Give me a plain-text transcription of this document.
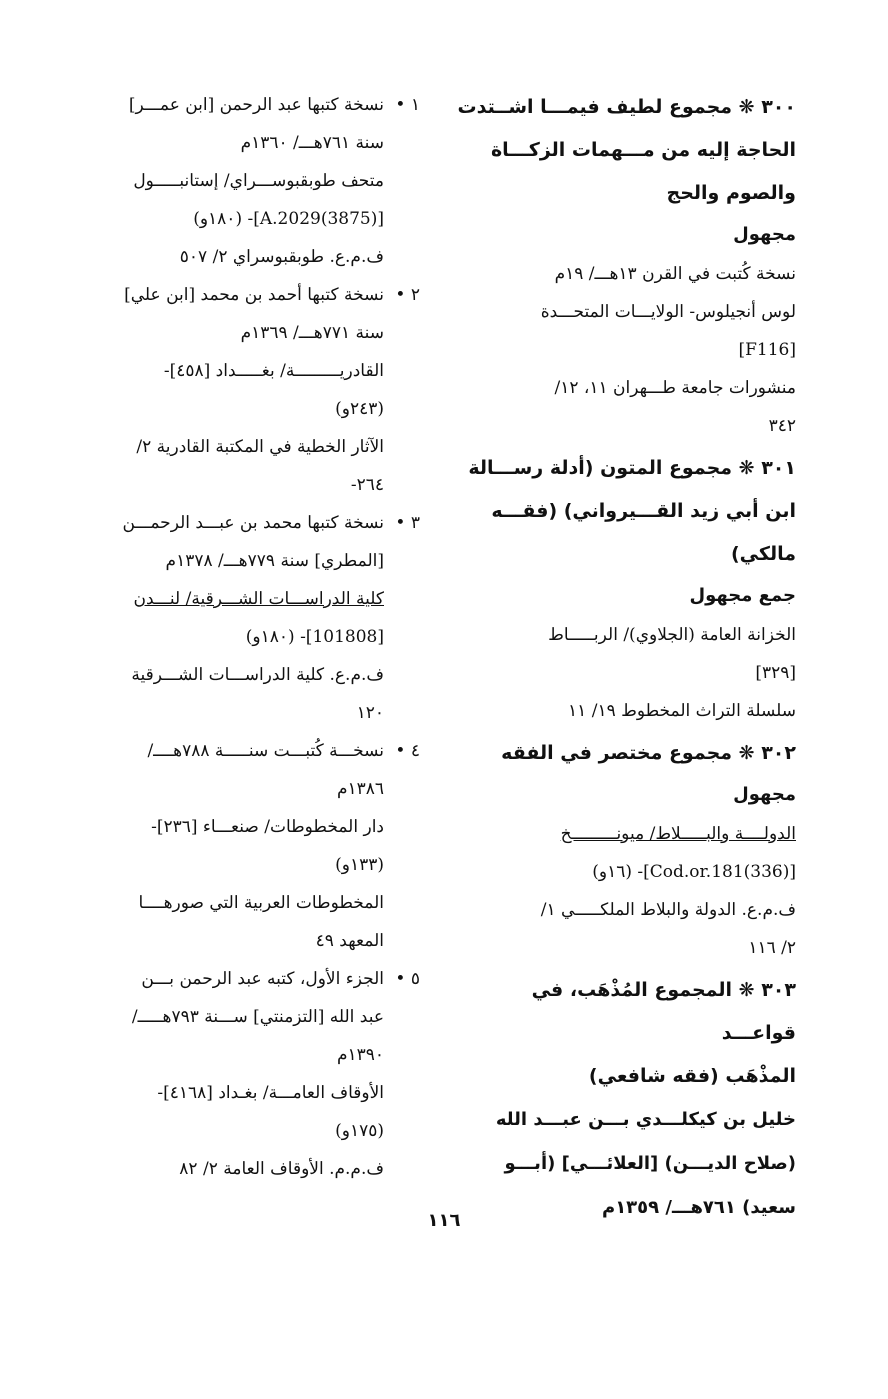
٣٠٠ ❋ مجموع لطيف فيمـــا اشــتدت
الحاجة إليه من مـــهمات الزكـــاة
والصوم والحج
مجهول
نسخة كُتبت في القرن ١٣هـــ/ ١٩م
لوس أنجيلوس- الولايـــات المتحـــدة
[F116]
منشورات جامعة طـــهران ١١، ١٢/
٣٤٢
٣٠١ ❋ مجموع المتون (أدلة رســـالة
ابن أبي زيد القـــيرواني) (فقـــه
مالكي)
جمع مجهول
الخزانة العامة (الجلاوي)/ الربـــــاط
[٣٢٩]
سلسلة التراث المخطوط ١٩/ ١١
٣٠٢ ❋ مجموع مختصر في الفقه
مجهول
الدولــــة والبـــــلاط/ ميونـــــــــخ
[Cod.or.181(336)]- (١٦و)
ف.م.ع. الدولة والبلاط الملكـــــي ١/
٢/ ١١٦
٣٠٣ ❋ المجموع المُذْهَب، في قواعـــد
المذْهَب (فقه شافعي)
خليل بن كيكلـــدي بـــن عبـــد الله
(صلاح الديـــن) [العلائـــي] (أبـــو
سعيد) ٧٦١هـــ/ ١٣٥٩م
١ •
نسخة كتبها عبد الرحمن [ابن عمـــر]
سنة ٧٦١هـــ/ ١٣٦٠م
متحف طوبقبوســـراي/ إستانبـــــول
[A.2029(3875)]- (١٨٠و)
ف.م.ع. طوبقبوسراي ٢/ ٥٠٧
٢ •
نسخة كتبها أحمد بن محمد [ابن علي]
سنة ٧٧١هـــ/ ١٣٦٩م
القادريـــــــــة/ بغـــــداد [٤٥٨]-
(٢٤٣و)
الآثار الخطية في المكتبة القادرية ٢/
٢٦٤-
٣ •
نسخة كتبها محمد بن عبـــد الرحمـــن
[المطري] سنة ٧٧٩هـــ/ ١٣٧٨م
كلية الدراســـات الشـــرقية/ لنـــدن
[101808]- (١٨٠و)
ف.م.ع. كلية الدراســـات الشـــرقية
١٢٠
٤ •
نسخـــة كُتبـــت سنـــــة ٧٨٨هــــ/
١٣٨٦م
دار المخطوطات/ صنعـــاء [٢٣٦]-
(١٣٣و)
المخطوطات العربية التي صورهــــا
المعهد ٤٩
٥ •
الجزء الأول، كتبه عبد الرحمن بـــن
عبد الله [التزمنتي] ســـنة ٧٩٣هـــــ/
١٣٩٠م
الأوقاف العامـــة/ بغـداد [٤١٦٨]-
(١٧٥و)
ف.م.م. الأوقاف العامة ٢/ ٨٢
١١٦
